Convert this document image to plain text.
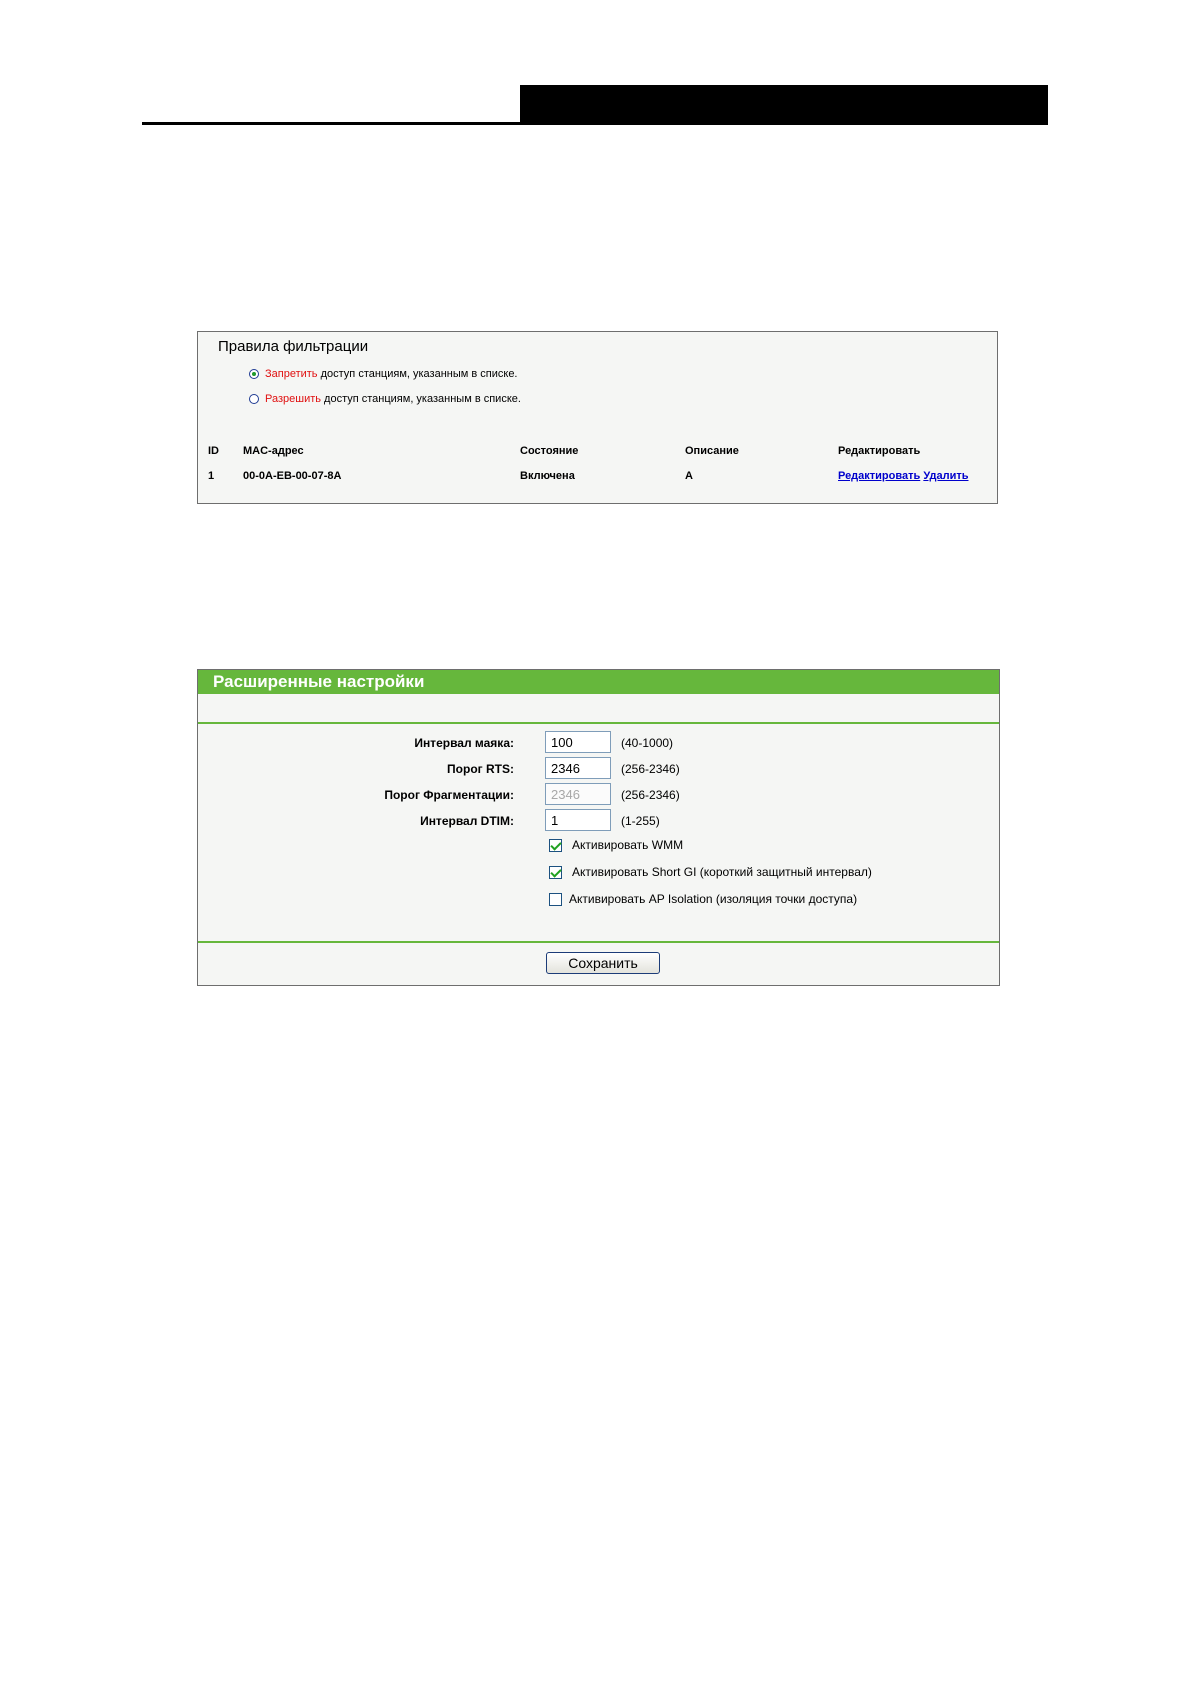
Правила фильтрации
Запретить доступ станциям, указанным в списке.
Разрешить доступ станциям, указанным в списке.
ID MAC-адрес	Состояние	Описание	Редактировать
1	00-0A-EB-00-07-8A	Включена	A	Редактировать Удалить
Расширенные настройки
Интервал маяка:
100	(40-1000)
Порог RTS:
2346	(256-2346)
Порог Фрагментации:
2346	(256-2346)
Интервал DTIM:
1	(1-255)
Активировать WMM
Активировать Short GI (короткий защитный интервал)
Активировать AP Isolation (изоляция точки доступа)
Сохранить
